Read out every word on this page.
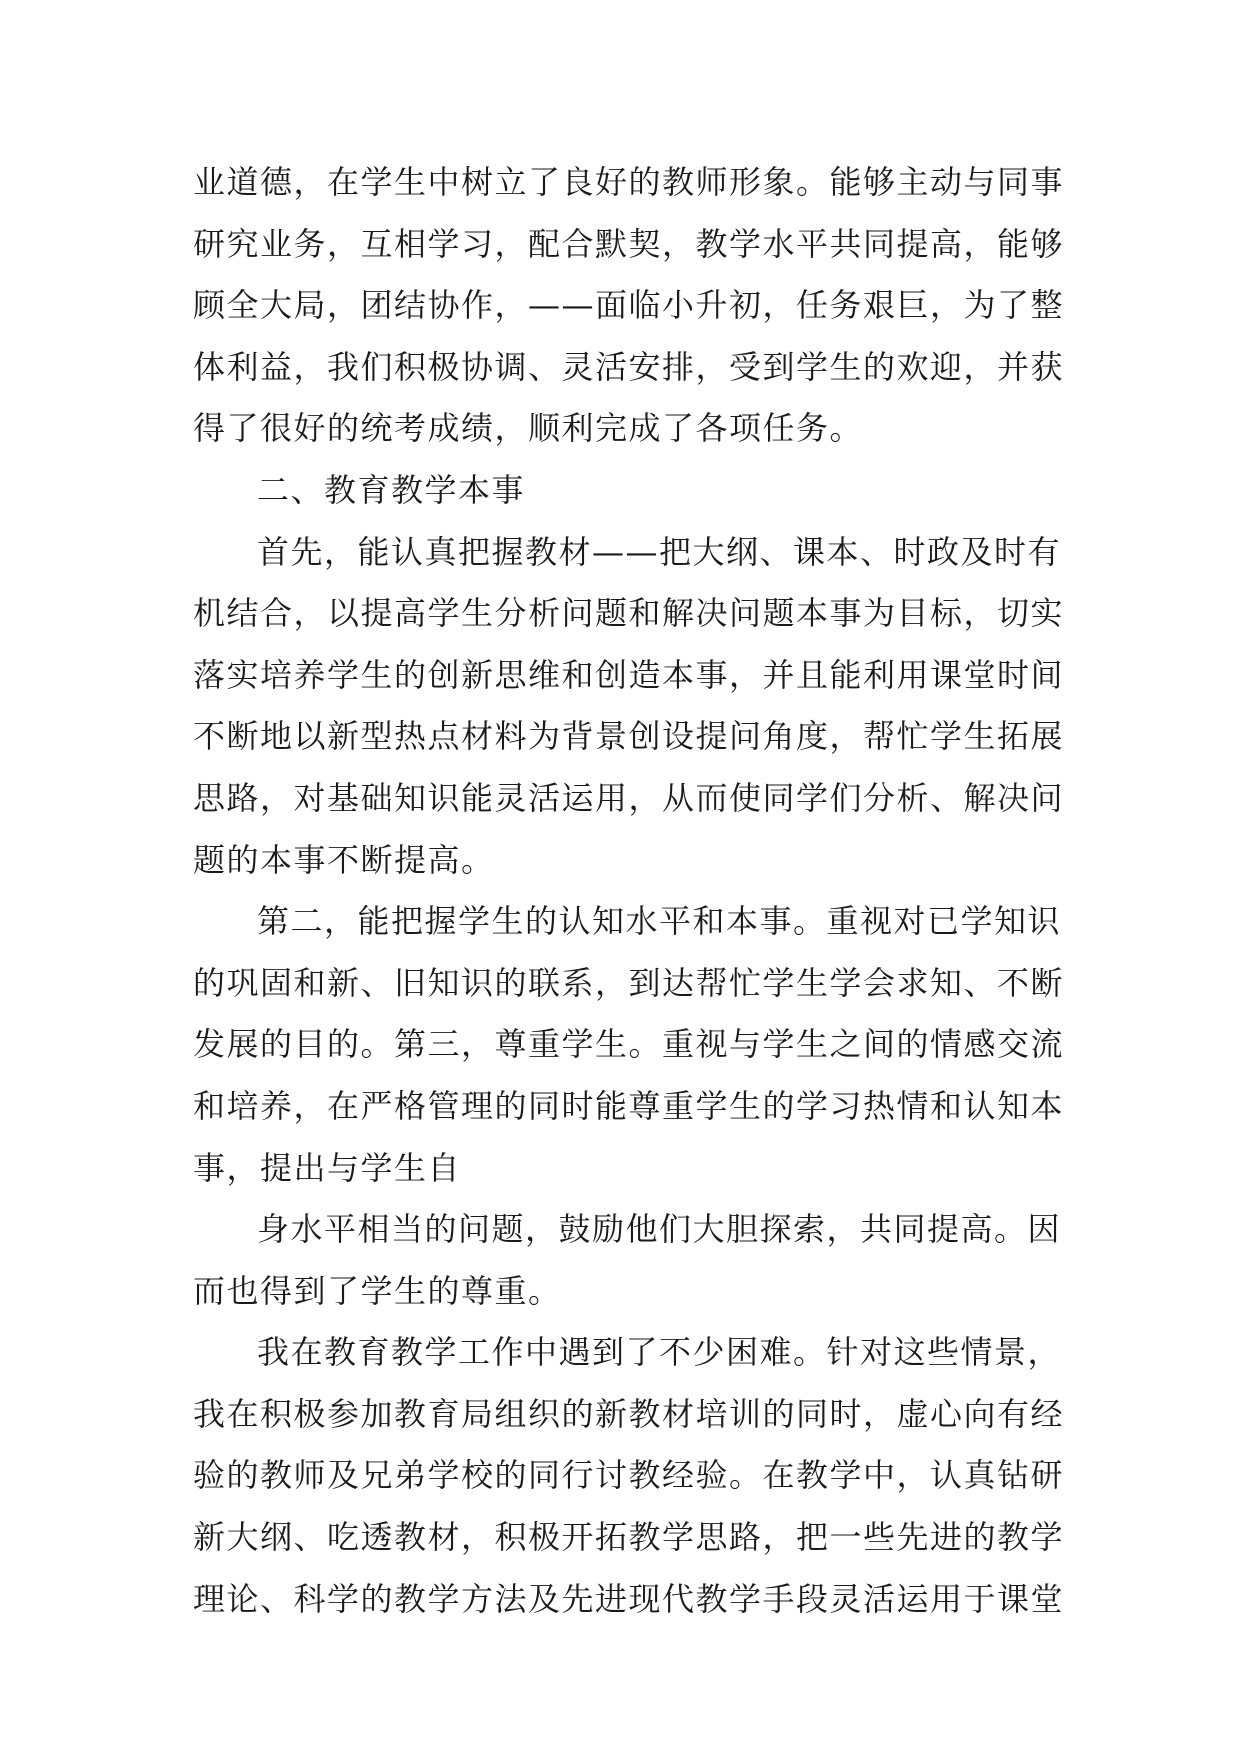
业道德，在学生中树立了良好的教师形象。能够主动与同事
研究业务，互相学习，配合默契，教学水平共同提高，能够
顾全大局，团结协作，——面临小升初，任务艰巨，为了整
体利益，我们积极协调、灵活安排，受到学生的欢迎，并获
得了很好的统考成绩，顺利完成了各项任务。
二、教育教学本事
首先，能认真把握教材——把大纲、课本、时政及时有
机结合，以提高学生分析问题和解决问题本事为目标，切实
落实培养学生的创新思维和创造本事，并且能利用课堂时间
不断地以新型热点材料为背景创设提问角度，帮忙学生拓展
思路，对基础知识能灵活运用，从而使同学们分析、解决问
题的本事不断提高。
第二，能把握学生的认知水平和本事。重视对已学知识
的巩固和新、旧知识的联系，到达帮忙学生学会求知、不断
发展的目的。第三，尊重学生。重视与学生之间的情感交流
和培养，在严格管理的同时能尊重学生的学习热情和认知本
事，提出与学生自
身水平相当的问题，鼓励他们大胆探索，共同提高。因
而也得到了学生的尊重。
我在教育教学工作中遇到了不少困难。针对这些情景，
我在积极参加教育局组织的新教材培训的同时，虚心向有经
验的教师及兄弟学校的同行讨教经验。在教学中，认真钻研
新大纲、吃透教材，积极开拓教学思路，把一些先进的教学
理论、科学的教学方法及先进现代教学手段灵活运用于课堂
